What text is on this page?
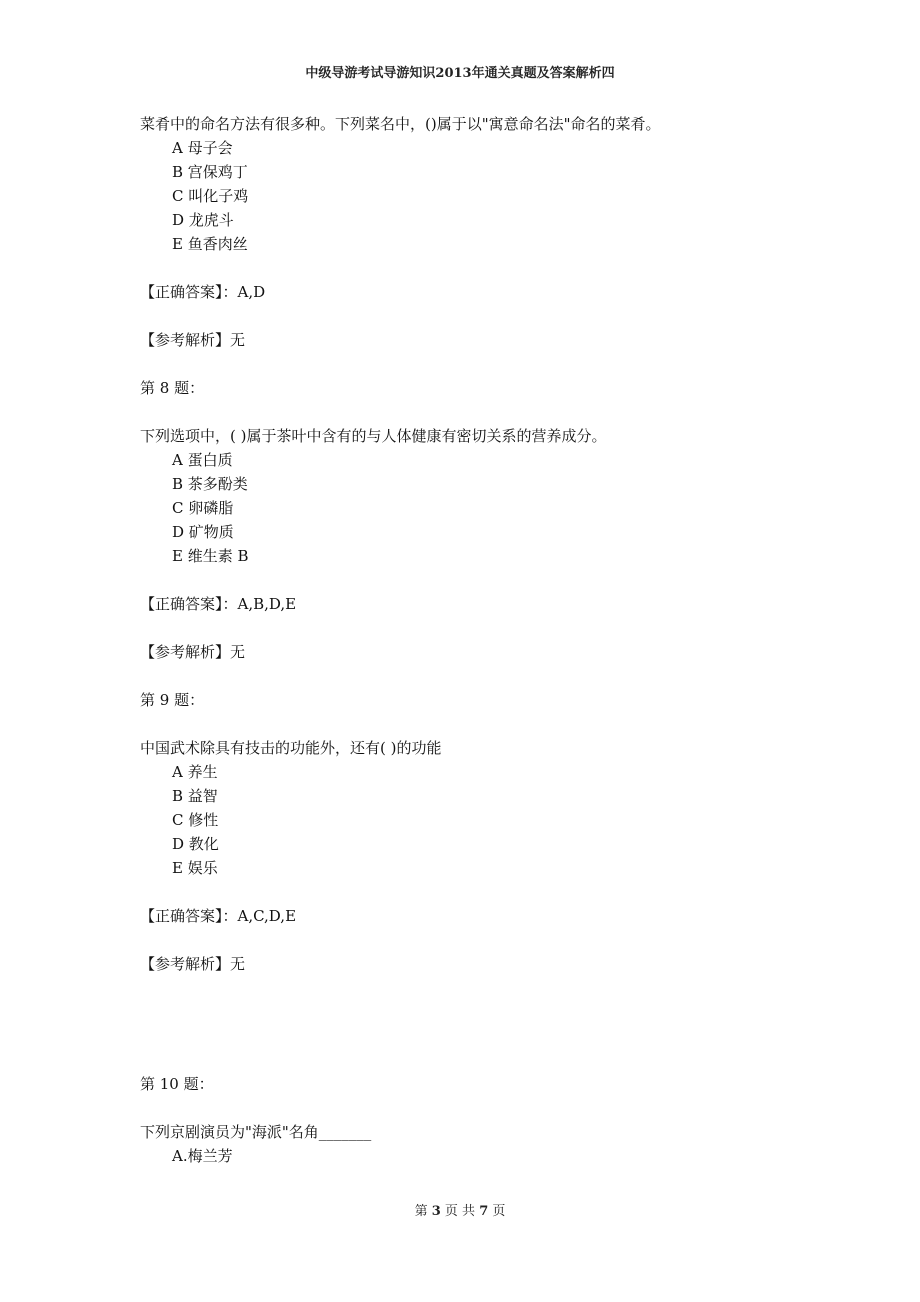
中级导游考试导游知识2013年通关真题及答案解析四
菜肴中的命名方法有很多种。下列菜名中，()属于以"寓意命名法"命名的菜肴。
A 母子会
B 宫保鸡丁
C 叫化子鸡
D 龙虎斗
E 鱼香肉丝
【正确答案】：A,D
【参考解析】无
第 8 题：
下列选项中，( )属于茶叶中含有的与人体健康有密切关系的营养成分。
A 蛋白质
B 茶多酚类
C 卵磷脂
D 矿物质
E 维生素 B
【正确答案】：A,B,D,E
【参考解析】无
第 9 题：
中国武术除具有技击的功能外，还有( )的功能
A 养生
B 益智
C 修性
D 教化
E 娱乐
【正确答案】：A,C,D,E
【参考解析】无
第 10 题：
下列京剧演员为"海派"名角_______
A.梅兰芳
第 3 页 共 7 页
